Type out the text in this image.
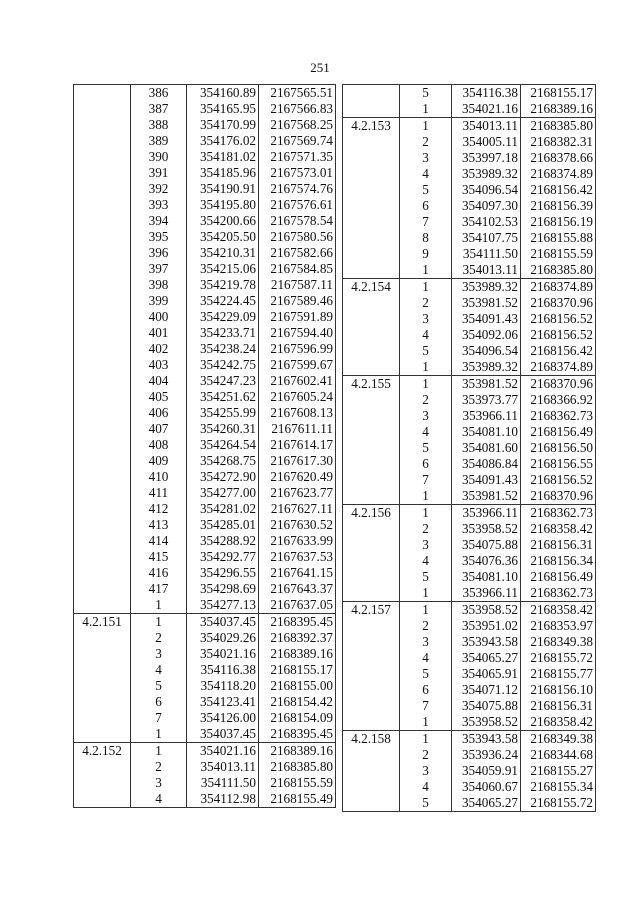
251
	386	354160.89	2167565.51
	387	354165.95	2167566.83
	388	354170.99	2167568.25
	389	354176.02	2167569.74
	390	354181.02	2167571.35
	391	354185.96	2167573.01
	392	354190.91	2167574.76
	393	354195.80	2167576.61
	394	354200.66	2167578.54
	395	354205.50	2167580.56
	396	354210.31	2167582.66
	397	354215.06	2167584.85
	398	354219.78	2167587.11
	399	354224.45	2167589.46
	400	354229.09	2167591.89
	401	354233.71	2167594.40
	402	354238.24	2167596.99
	403	354242.75	2167599.67
	404	354247.23	2167602.41
	405	354251.62	2167605.24
	406	354255.99	2167608.13
	407	354260.31	2167611.11
	408	354264.54	2167614.17
	409	354268.75	2167617.30
	410	354272.90	2167620.49
	411	354277.00	2167623.77
	412	354281.02	2167627.11
	413	354285.01	2167630.52
	414	354288.92	2167633.99
	415	354292.77	2167637.53
	416	354296.55	2167641.15
	417	354298.69	2167643.37
	1	354277.13	2167637.05
4.2.151	1	354037.45	2168395.45
	2	354029.26	2168392.37
	3	354021.16	2168389.16
	4	354116.38	2168155.17
	5	354118.20	2168155.00
	6	354123.41	2168154.42
	7	354126.00	2168154.09
	1	354037.45	2168395.45
4.2.152	1	354021.16	2168389.16
	2	354013.11	2168385.80
	3	354111.50	2168155.59
	4	354112.98	2168155.49
	5	354116.38	2168155.17
	1	354021.16	2168389.16
4.2.153	1	354013.11	2168385.80
	2	354005.11	2168382.31
	3	353997.18	2168378.66
	4	353989.32	2168374.89
	5	354096.54	2168156.42
	6	354097.30	2168156.39
	7	354102.53	2168156.19
	8	354107.75	2168155.88
	9	354111.50	2168155.59
	1	354013.11	2168385.80
4.2.154	1	353989.32	2168374.89
	2	353981.52	2168370.96
	3	354091.43	2168156.52
	4	354092.06	2168156.52
	5	354096.54	2168156.42
	1	353989.32	2168374.89
4.2.155	1	353981.52	2168370.96
	2	353973.77	2168366.92
	3	353966.11	2168362.73
	4	354081.10	2168156.49
	5	354081.60	2168156.50
	6	354086.84	2168156.55
	7	354091.43	2168156.52
	1	353981.52	2168370.96
4.2.156	1	353966.11	2168362.73
	2	353958.52	2168358.42
	3	354075.88	2168156.31
	4	354076.36	2168156.34
	5	354081.10	2168156.49
	1	353966.11	2168362.73
4.2.157	1	353958.52	2168358.42
	2	353951.02	2168353.97
	3	353943.58	2168349.38
	4	354065.27	2168155.72
	5	354065.91	2168155.77
	6	354071.12	2168156.10
	7	354075.88	2168156.31
	1	353958.52	2168358.42
4.2.158	1	353943.58	2168349.38
	2	353936.24	2168344.68
	3	354059.91	2168155.27
	4	354060.67	2168155.34
	5	354065.27	2168155.72
